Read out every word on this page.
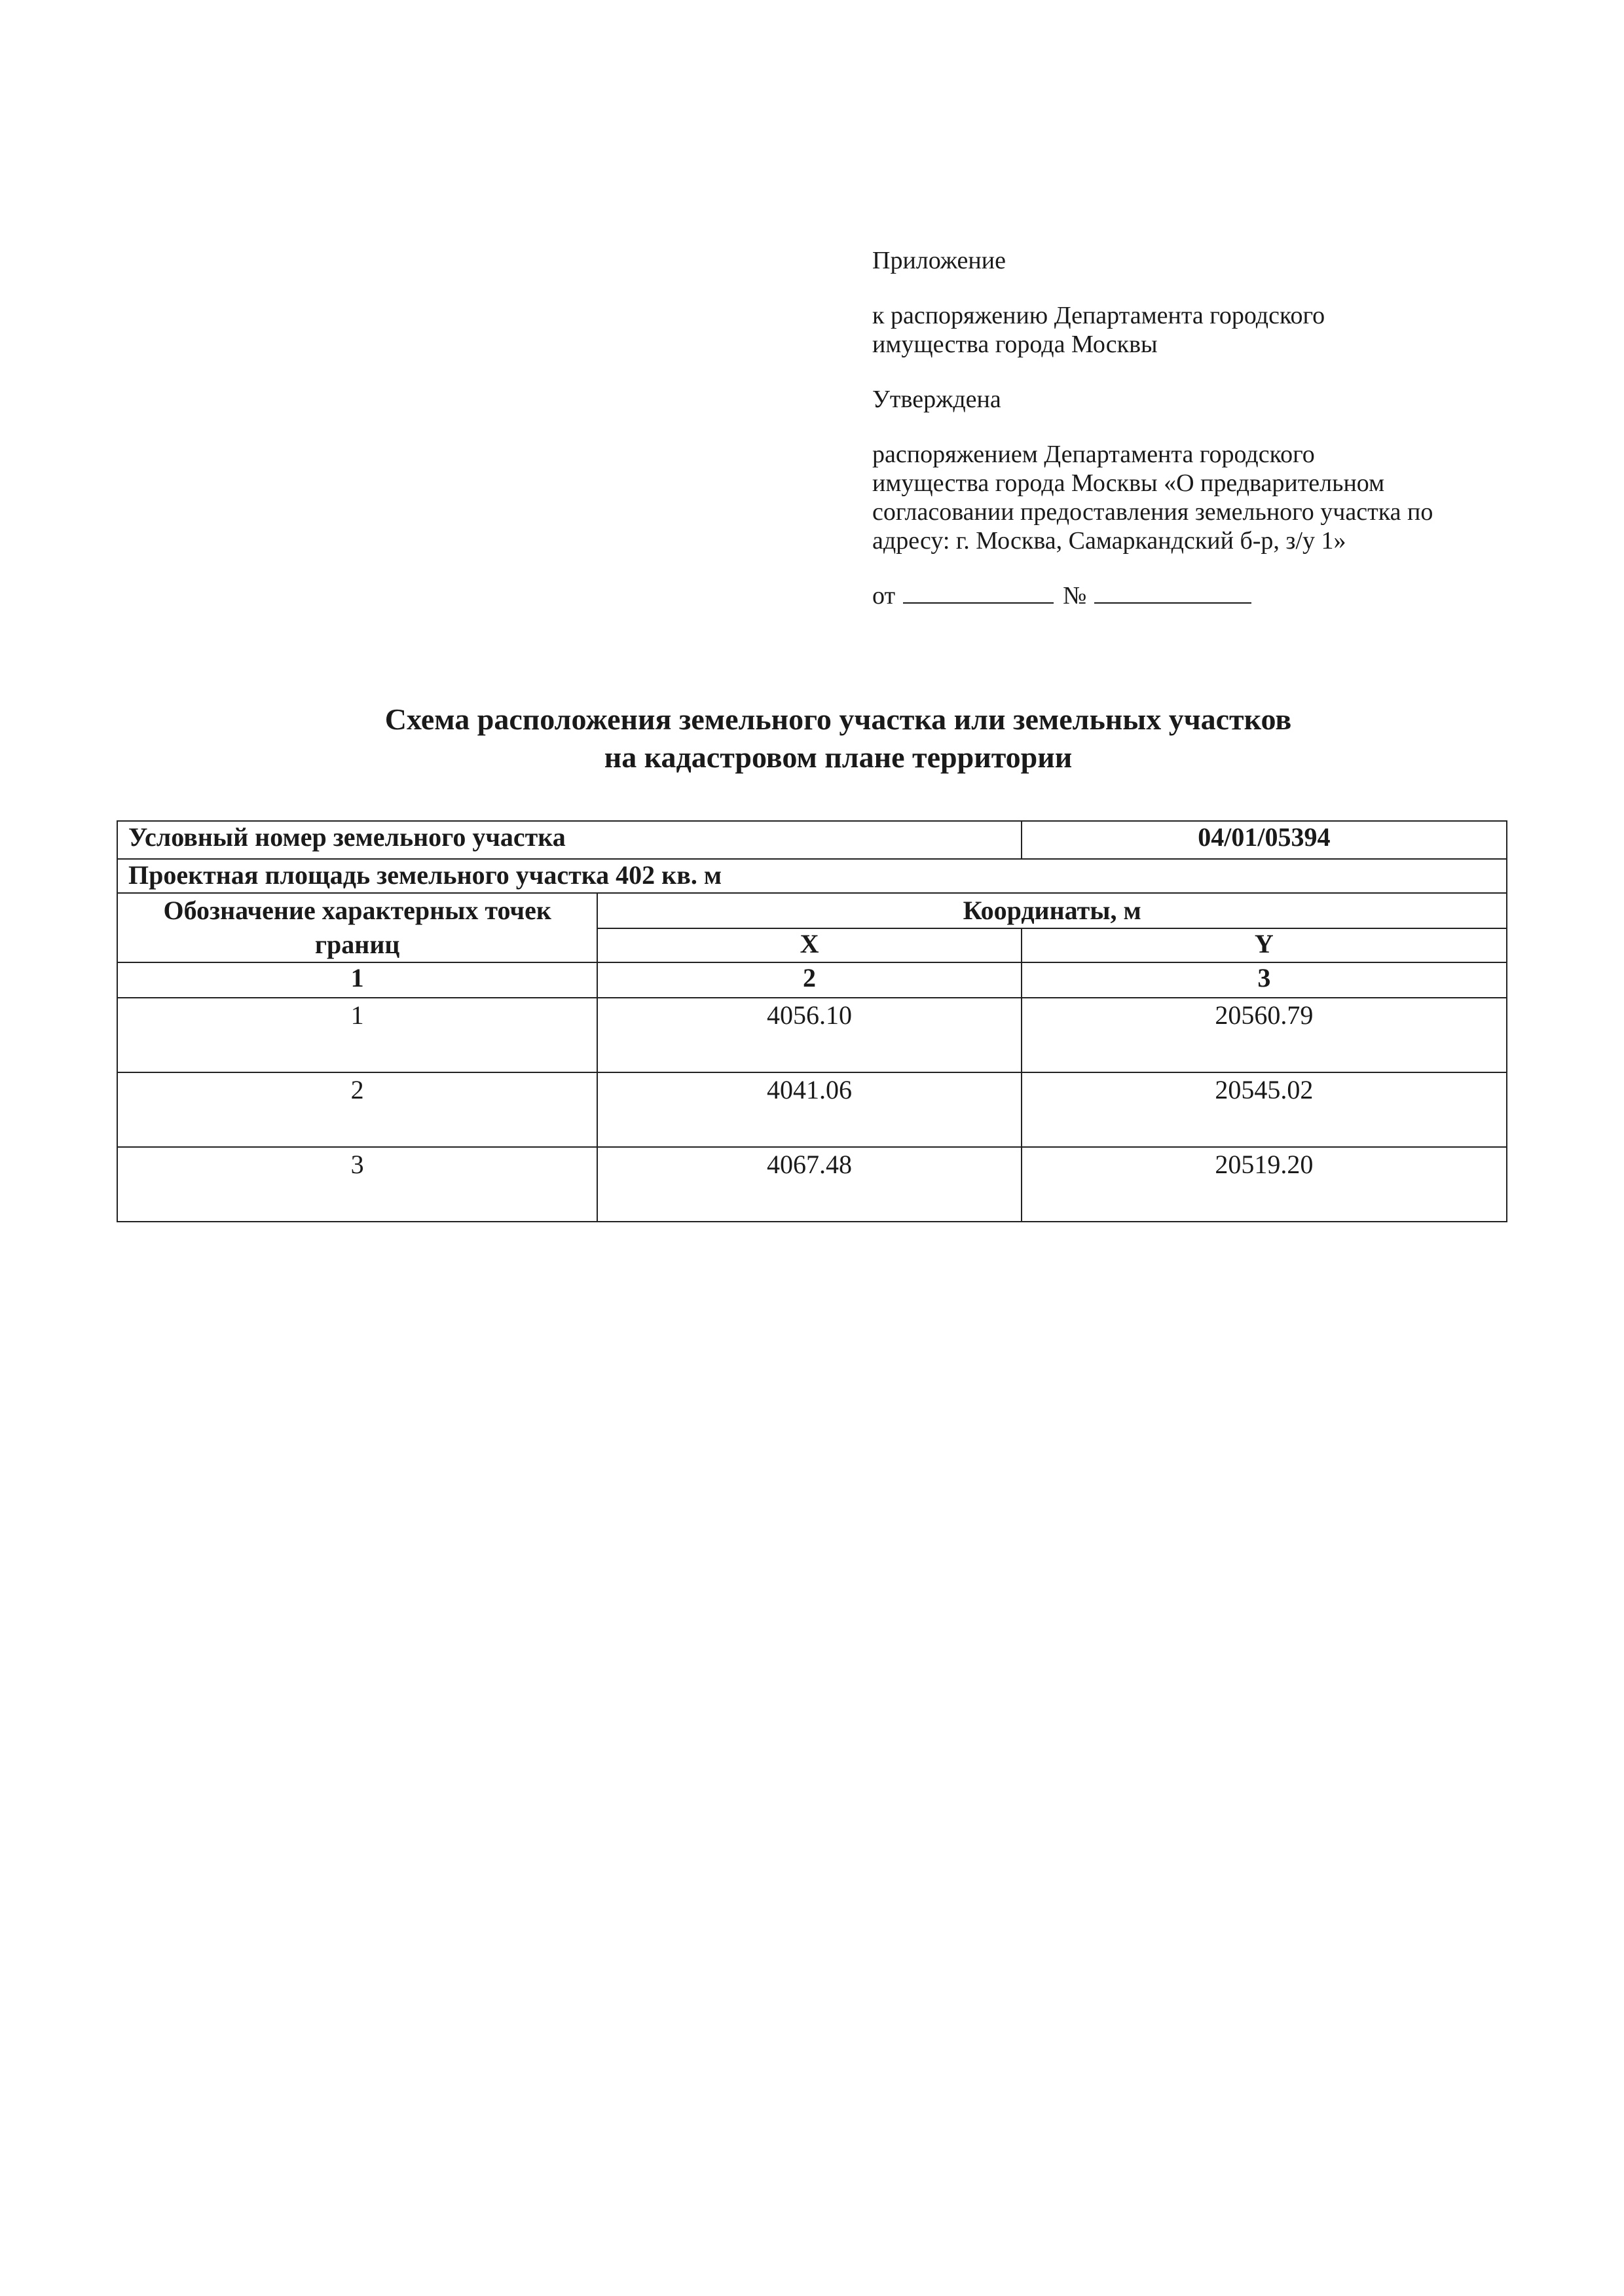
Приложение

к распоряжению Департамента городского

имущества города Москвы

Утверждена

распоряжением Департамента городского

имущества города Москвы «О предварительном

согласовании предоставления земельного участка по

адресу: г. Москва, Самаркандский б-р, з/у 1»

от	№

Схема расположения земельного участка или земельных участков

на кадастровом плане территории

Условный номер земельного участка		04/01/05394
Проектная площадь земельного участка 402 кв. м		
Обозначение характерных точек границ	Координаты, м	
	X	Y
1	2	3
1	4056.10	20560.79
2	4041.06	20545.02
3	4067.48	20519.20
